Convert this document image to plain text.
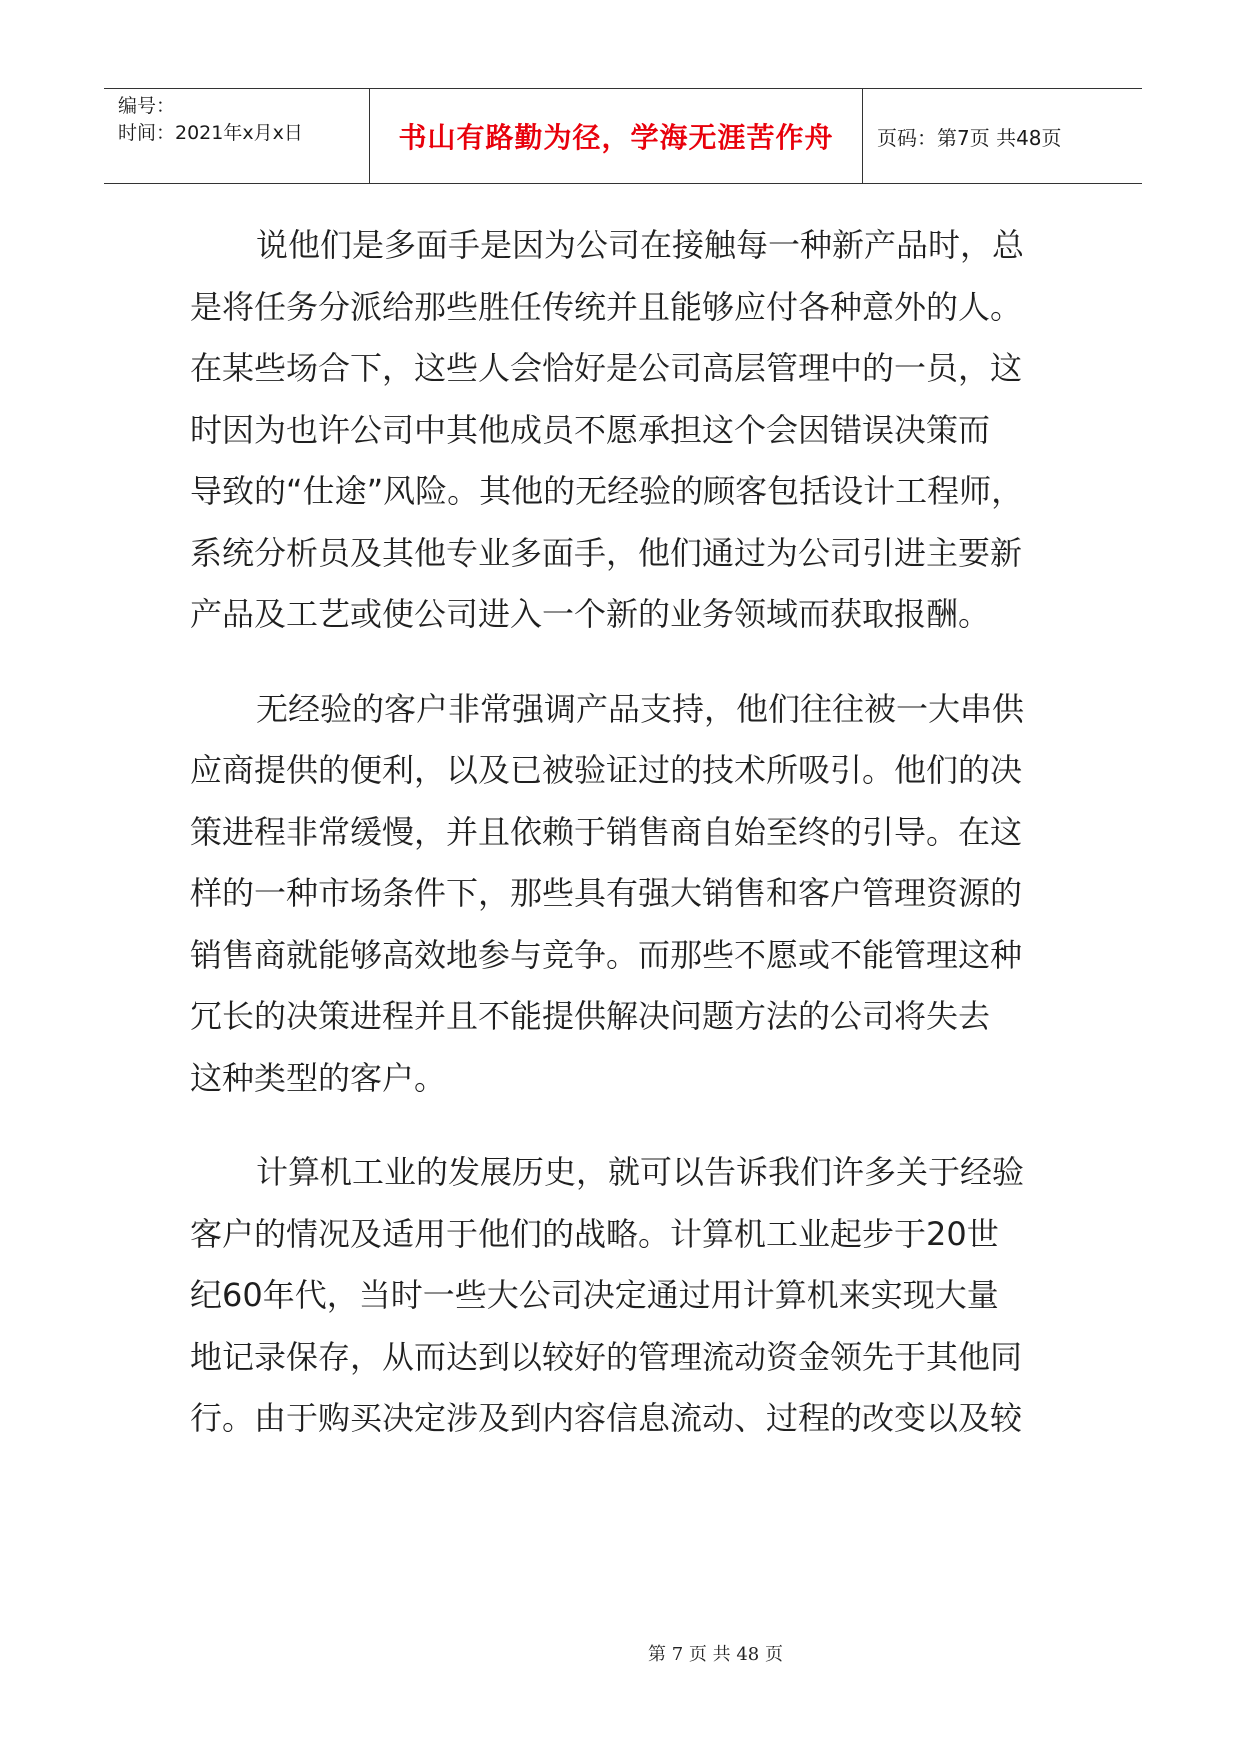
编号：
时间：2021年x月x日	书山有路勤为径，学海无涯苦作舟	页码：第7页 共48页
说他们是多面手是因为公司在接触每一种新产品时，总
是将任务分派给那些胜任传统并且能够应付各种意外的人。
在某些场合下，这些人会恰好是公司高层管理中的一员，这
时因为也许公司中其他成员不愿承担这个会因错误决策而
导致的“仕途”风险。其他的无经验的顾客包括设计工程师，
系统分析员及其他专业多面手，他们通过为公司引进主要新
产品及工艺或使公司进入一个新的业务领域而获取报酬。
无经验的客户非常强调产品支持，他们往往被一大串供
应商提供的便利，以及已被验证过的技术所吸引。他们的决
策进程非常缓慢，并且依赖于销售商自始至终的引导。在这
样的一种市场条件下，那些具有强大销售和客户管理资源的
销售商就能够高效地参与竞争。而那些不愿或不能管理这种
冗长的决策进程并且不能提供解决问题方法的公司将失去
这种类型的客户。
计算机工业的发展历史，就可以告诉我们许多关于经验
客户的情况及适用于他们的战略。计算机工业起步于20世
纪60年代，当时一些大公司决定通过用计算机来实现大量
地记录保存，从而达到以较好的管理流动资金领先于其他同
行。由于购买决定涉及到内容信息流动、过程的改变以及较
第 7 页 共 48 页
